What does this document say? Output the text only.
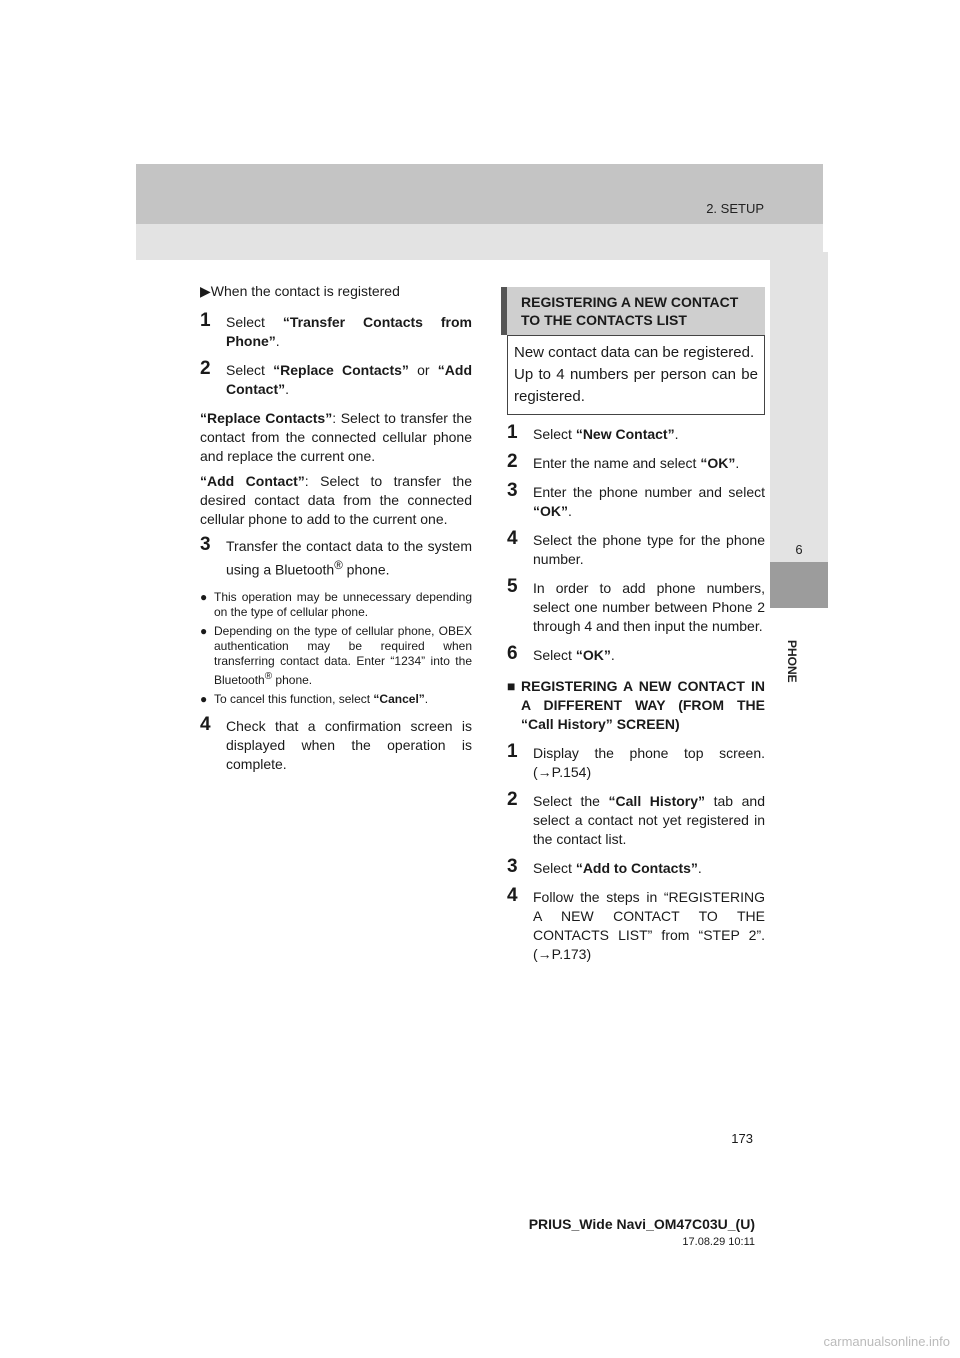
2. SETUP
6
PHONE

▶When the contact is registered

1 Select “Transfer Contacts from Phone”.
2 Select “Replace Contacts” or “Add Contact”.

“Replace Contacts”: Select to transfer the contact from the connected cellular phone and replace the current one.

“Add Contact”: Select to transfer the desired contact data from the connected cellular phone to add to the current one.

3 Transfer the contact data to the system using a Bluetooth® phone.
● This operation may be unnecessary depending on the type of cellular phone.
● Depending on the type of cellular phone, OBEX authentication may be required when transferring contact data. Enter “1234” into the Bluetooth® phone.
● To cancel this function, select “Cancel”.
4 Check that a confirmation screen is displayed when the operation is complete.
REGISTERING A NEW CONTACT TO THE CONTACTS LIST

New contact data can be registered.

Up to 4 numbers per person can be registered.

1 Select “New Contact”.
2 Enter the name and select “OK”.
3 Enter the phone number and select “OK”.
4 Select the phone type for the phone number.
5 In order to add phone numbers, select one number between Phone 2 through 4 and then input the number.
6 Select “OK”.
■ REGISTERING A NEW CONTACT IN A DIFFERENT WAY (FROM THE “Call History” SCREEN)
1 Display the phone top screen. (→P.154)
2 Select the “Call History” tab and select a contact not yet registered in the contact list.
3 Select “Add to Contacts”.
4 Follow the steps in “REGISTERING A NEW CONTACT TO THE CONTACTS LIST” from “STEP 2”. (→P.173)
173
PRIUS_Wide Navi_OM47C03U_(U)
17.08.29 10:11
carmanualsonline.info
